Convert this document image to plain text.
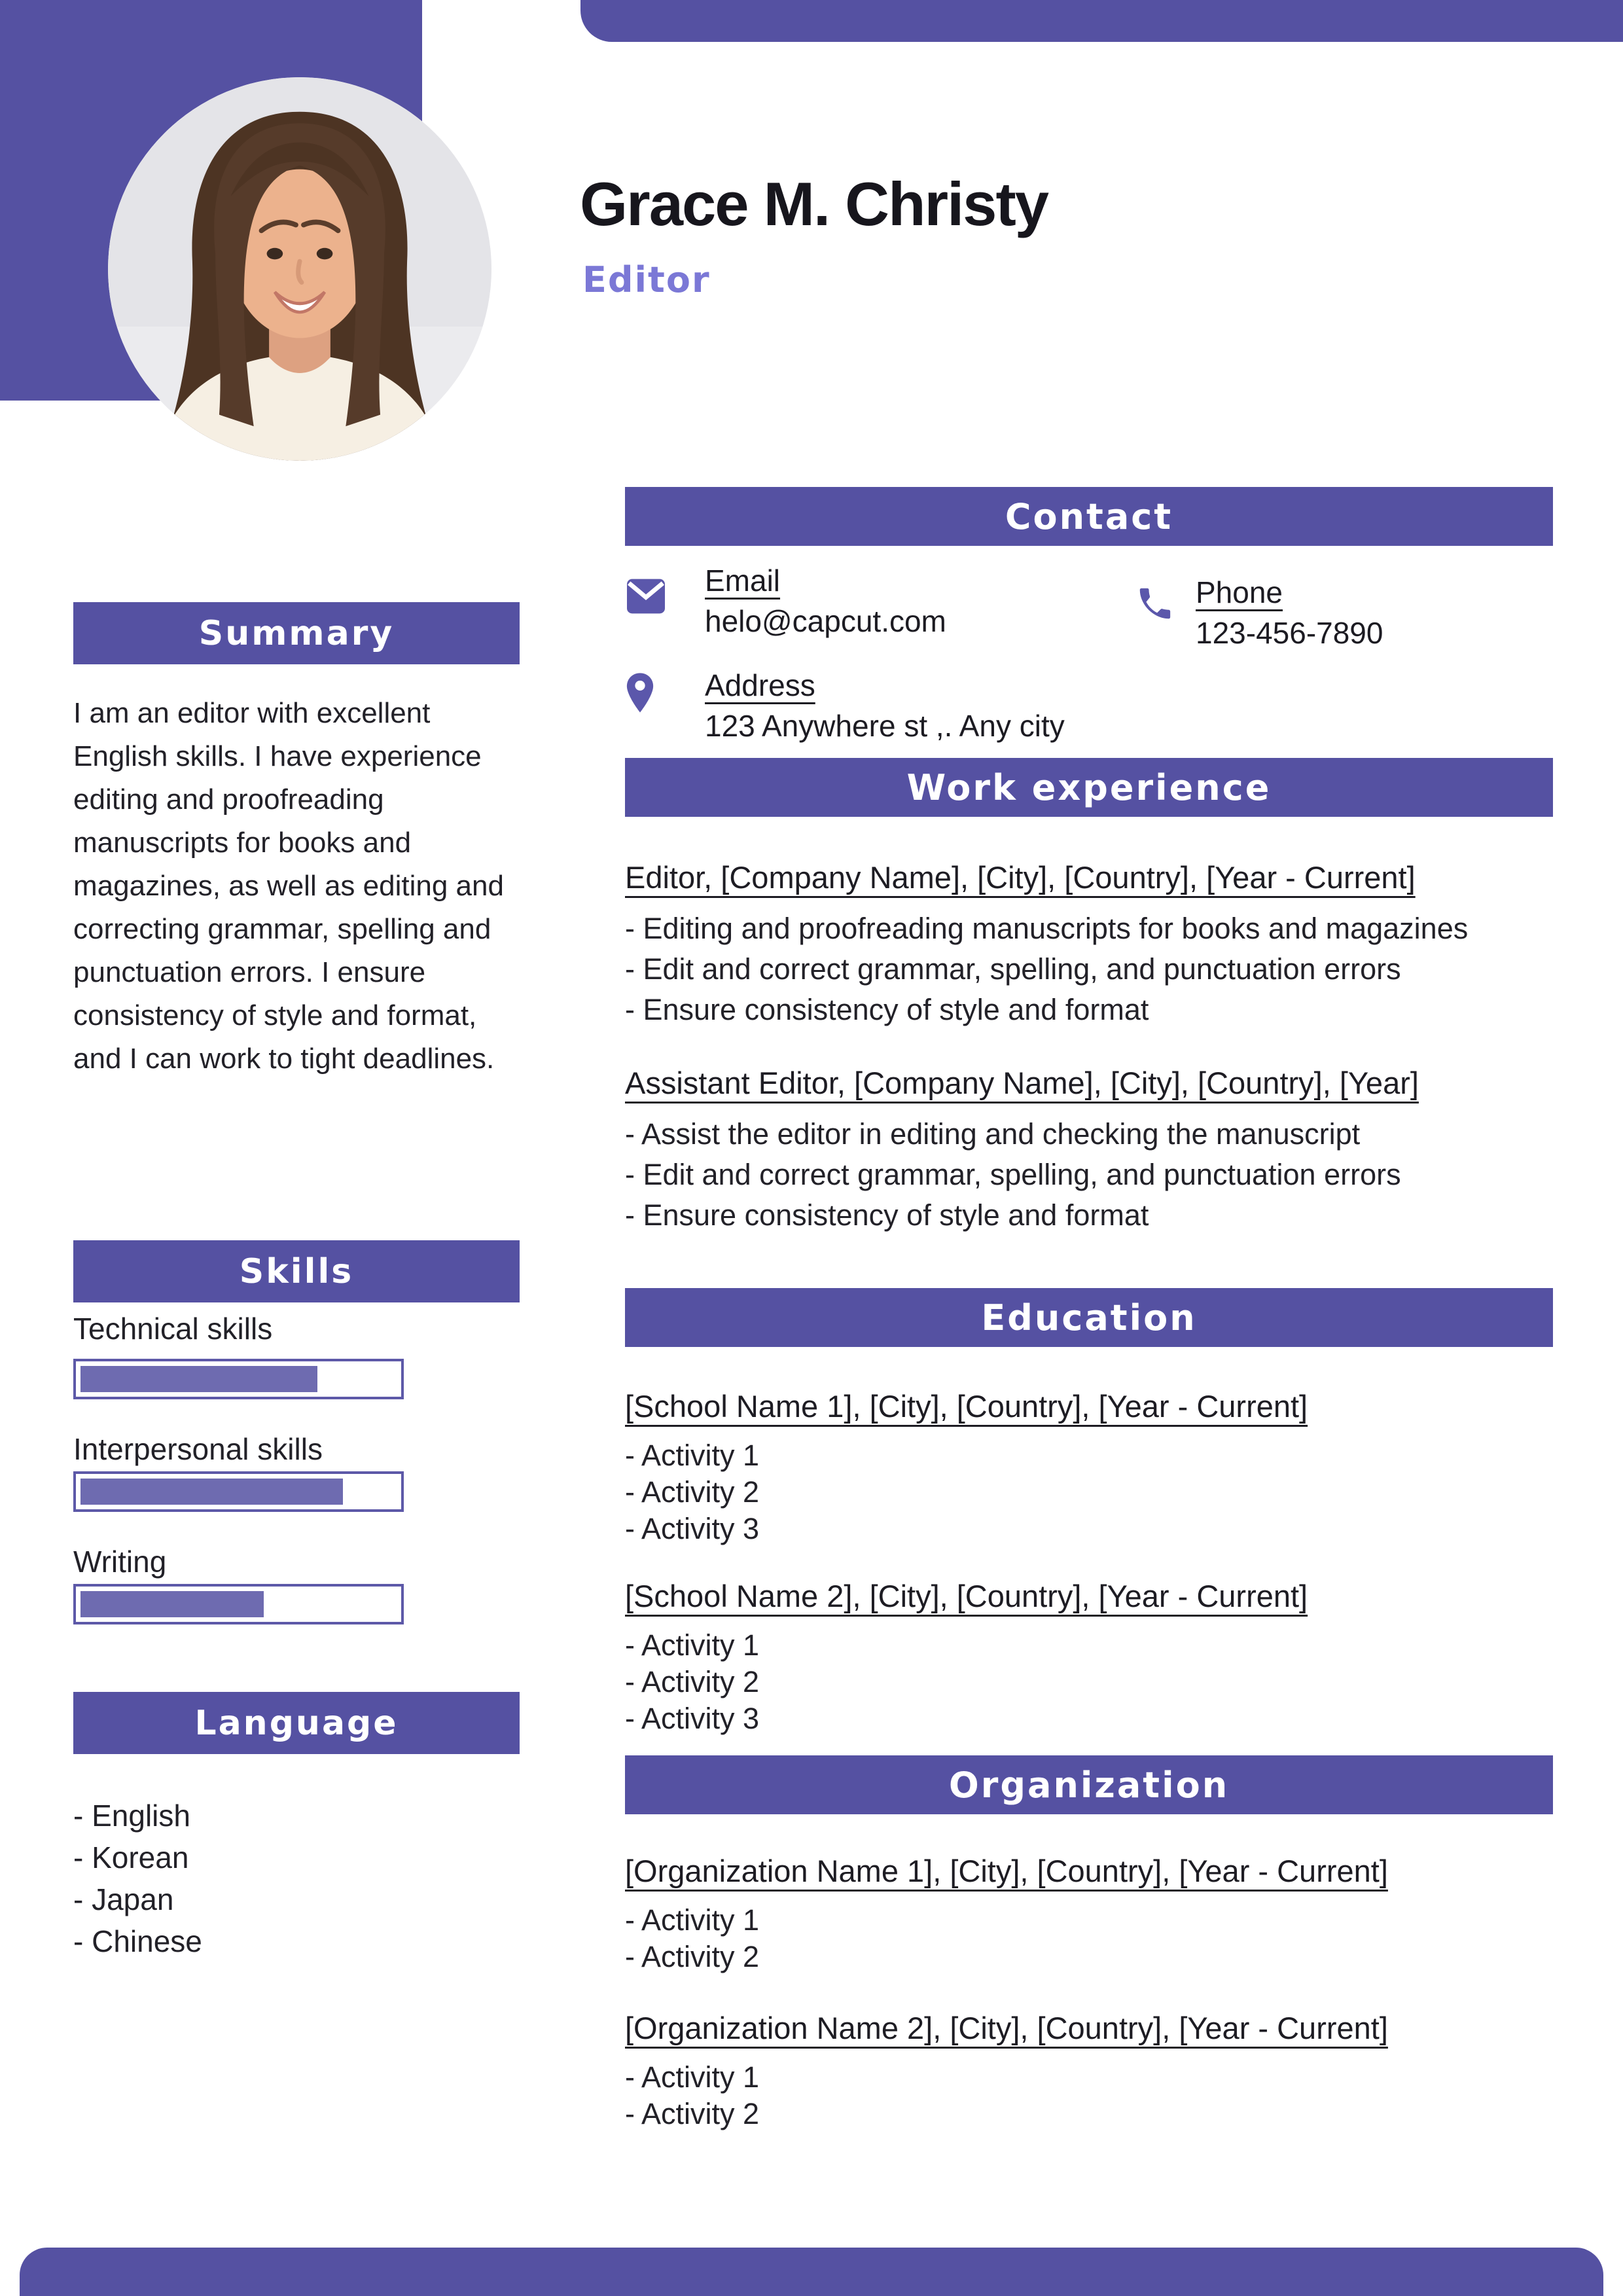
Grace M. Christy
Editor
Summary

I am an editor with excellent English skills. I have experience editing and proofreading manuscripts for books and magazines, as well as editing and correcting grammar, spelling and punctuation errors. I ensure consistency of style and format, and I can work to tight deadlines.

Skills
Technical skills
Interpersonal skills
Writing
Language
- English
- Korean
- Japan
- Chinese
Contact
Email
helo@capcut.com
Phone
123-456-7890
Address
123 Anywhere st ,. Any city
Work experience
Editor, [Company Name], [City], [Country], [Year - Current]
- Editing and proofreading manuscripts for books and magazines
- Edit and correct grammar, spelling, and punctuation errors
- Ensure consistency of style and format
Assistant Editor, [Company Name], [City], [Country], [Year]
- Assist the editor in editing and checking the manuscript
- Edit and correct grammar, spelling, and punctuation errors
- Ensure consistency of style and format
Education
[School Name 1], [City], [Country], [Year - Current]
- Activity 1
- Activity 2
- Activity 3
[School Name 2], [City], [Country], [Year - Current]
- Activity 1
- Activity 2
- Activity 3
Organization
[Organization Name 1], [City], [Country], [Year - Current]
- Activity 1
- Activity 2
[Organization Name 2], [City], [Country], [Year - Current]
- Activity 1
- Activity 2
